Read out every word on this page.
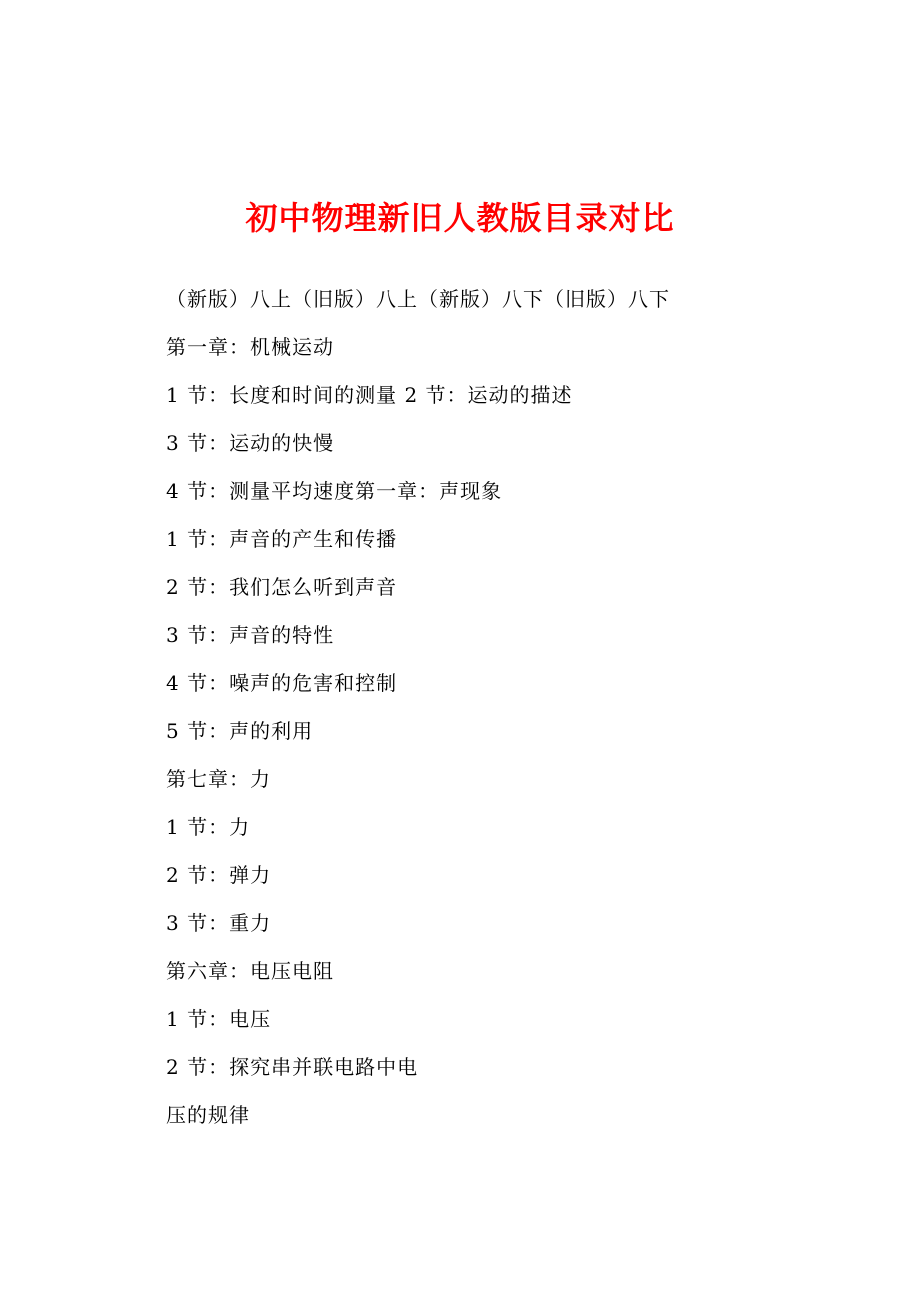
初中物理新旧人教版目录对比
（新版）八上（旧版）八上（新版）八下（旧版）八下
第一章：机械运动
1 节：长度和时间的测量 2 节：运动的描述
3 节：运动的快慢
4 节：测量平均速度第一章：声现象
1 节：声音的产生和传播
2 节：我们怎么听到声音
3 节：声音的特性
4 节：噪声的危害和控制
5 节：声的利用
第七章：力
1 节：力
2 节：弹力
3 节：重力
第六章：电压电阻
1 节：电压
2 节：探究串并联电路中电
压的规律
